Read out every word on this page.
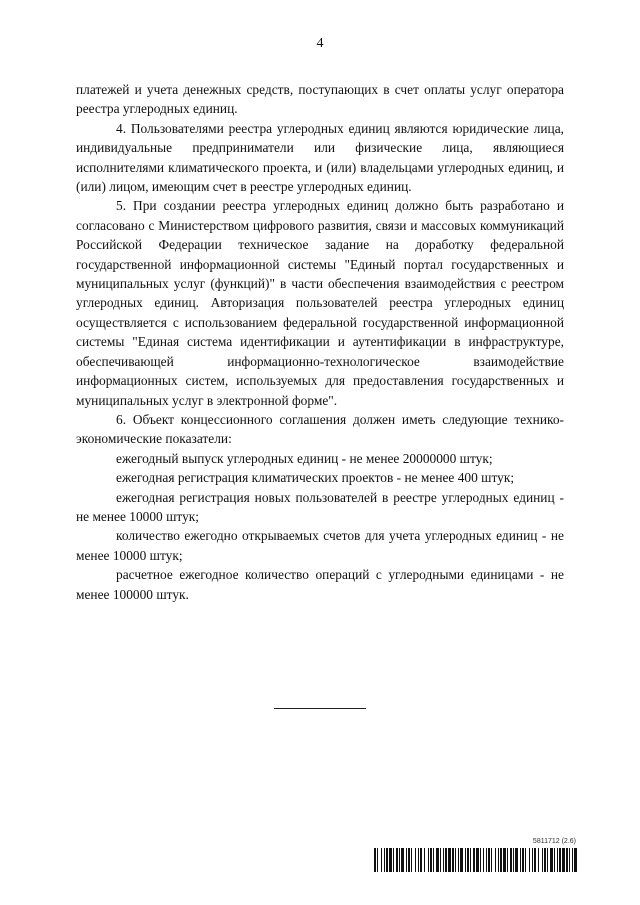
4

платежей и учета денежных средств, поступающих в счет оплаты услуг оператора реестра углеродных единиц.

4. Пользователями реестра углеродных единиц являются юридические лица, индивидуальные предприниматели или физические лица, являющиеся исполнителями климатического проекта, и (или) владельцами углеродных единиц, и (или) лицом, имеющим счет в реестре углеродных единиц.

5. При создании реестра углеродных единиц должно быть разработано и согласовано с Министерством цифрового развития, связи и массовых коммуникаций Российской Федерации техническое задание на доработку федеральной государственной информационной системы "Единый портал государственных и муниципальных услуг (функций)" в части обеспечения взаимодействия с реестром углеродных единиц. Авторизация пользователей реестра углеродных единиц осуществляется с использованием федеральной государственной информационной системы "Единая система идентификации и аутентификации в инфраструктуре, обеспечивающей информационно-технологическое взаимодействие информационных систем, используемых для предоставления государственных и муниципальных услуг в электронной форме".

6. Объект концессионного соглашения должен иметь следующие технико-экономические показатели:

ежегодный выпуск углеродных единиц - не менее 20000000 штук;

ежегодная регистрация климатических проектов - не менее 400 штук;

ежегодная регистрация новых пользователей в реестре углеродных единиц - не менее 10000 штук;

количество ежегодно открываемых счетов для учета углеродных единиц - не менее 10000 штук;

расчетное ежегодное количество операций с углеродными единицами - не менее 100000 штук.

5811712 (2.6)
